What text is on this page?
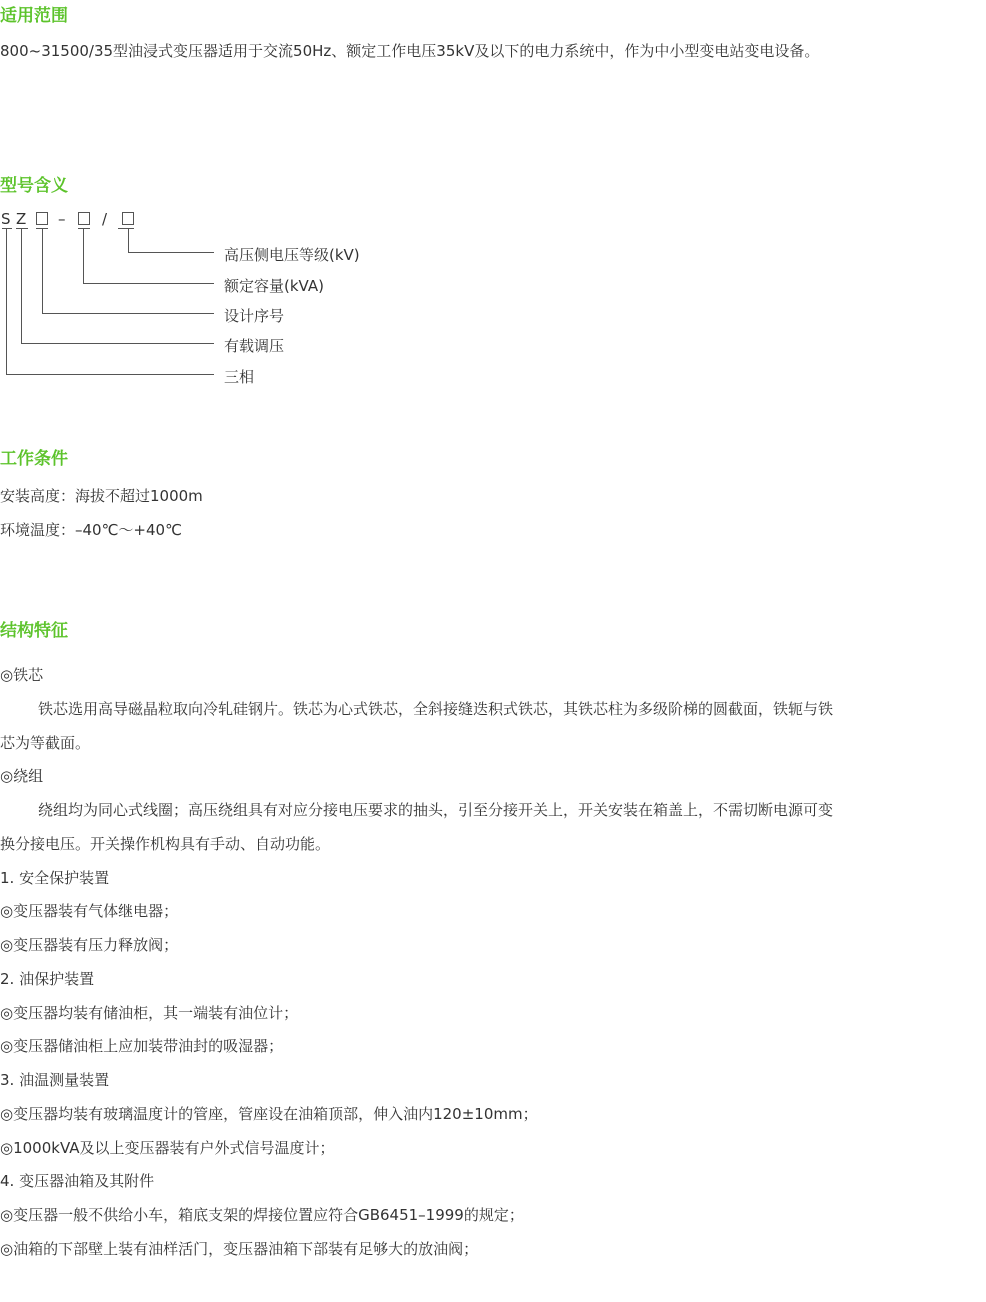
适用范围
800~31500/35型油浸式变压器适用于交流50Hz、额定工作电压35kV及以下的电力系统中，作为中小型变电站变电设备。
型号含义
S Z – /
高压侧电压等级(kV)
额定容量(kVA)
设计序号
有载调压
三相
工作条件
安装高度：海拔不超过1000m
环境温度：–40℃～+40℃
结构特征
◎铁芯
铁芯选用高导磁晶粒取向冷轧硅钢片。铁芯为心式铁芯，全斜接缝迭积式铁芯，其铁芯柱为多级阶梯的圆截面，铁轭与铁
芯为等截面。
◎绕组
绕组均为同心式线圈；高压绕组具有对应分接电压要求的抽头，引至分接开关上，开关安装在箱盖上，不需切断电源可变
换分接电压。开关操作机构具有手动、自动功能。
1. 安全保护装置
◎变压器装有气体继电器；
◎变压器装有压力释放阀；
2. 油保护装置
◎变压器均装有储油柜，其一端装有油位计；
◎变压器储油柜上应加装带油封的吸湿器；
3. 油温测量装置
◎变压器均装有玻璃温度计的管座，管座设在油箱顶部，伸入油内120±10mm；
◎1000kVA及以上变压器装有户外式信号温度计；
4. 变压器油箱及其附件
◎变压器一般不供给小车，箱底支架的焊接位置应符合GB6451–1999的规定；
◎油箱的下部壁上装有油样活门，变压器油箱下部装有足够大的放油阀；
